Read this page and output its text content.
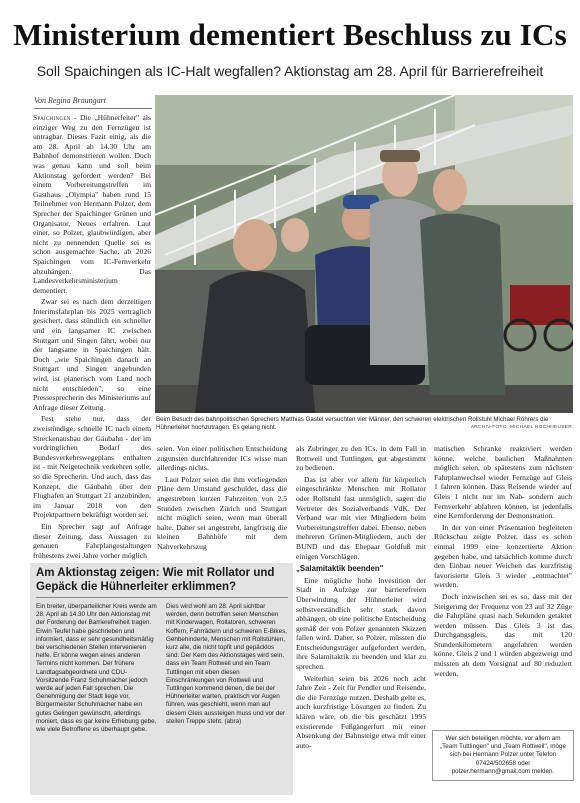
Ministerium dementiert Beschluss zu ICs
Soll Spaichingen als IC-Halt wegfallen? Aktionstag am 28. April für Barrierefreiheit
Von Regina Braungart

Spaichingen - Die „Hühnerleiter" als einziger Weg zu den Fernzügen ist untragbar. Dieses Fazit einig, als die am 28. April ab 14.30 Uhr am Bahnhof demonstrieren wollen. Doch was genau kann und soll beim Aktionstag gefordert werden? Bei einem Vorbereitungstreffen im Gasthaus „Olympia" haben rund 15 Teilnehmer von Hermann Polzer, dem Sprecher der Spaichinger Grünen und Organisator, Neues erfahren. Laut einer, so Polzer, glaubwürdigen, aber nicht zu nennenden Quelle sei es schon ausgemachte Sache, ab 2026 Spaichingen vom IC-Fernverkehr abzuhängen. Das Landesverkehrsministerium dementiert.

Zwar sei es nach dem derzeitigen Interimsfahrplan bis 2025 vertraglich gesichert, dass stündlich ein schneller und ein langsamer IC zwischen Stuttgart und Singen fährt, wobei nur der langsame in Spaichingen hält. Doch „wie Spaichingen danach an Stuttgart und Singen angebunden wird, ist planerisch vom Land noch nicht entschieden", so eine Pressesprecherin des Ministeriums auf Anfrage dieser Zeitung.

Fest stehe nur, dass der zweistündige, schnelle IC nach einem Streckenausbau der Gäubahn - der im vordringlichen Bedarf des Bundesverkehrswegeplans enthalten ist - mit Neigetechnik verkehren solle, so die Sprecherin. Und auch, dass das Konzept, die Gäubahn über den Flughafen an Stuttgart 21 anzubinden, im Januar 2018 von den Projektpartnern bekräftigt worden sei.

Ein Sprecher sagt auf Anfrage dieser Zeitung, dass Aussagen zu genauen Fahrplangestaltungen frühestens zwei Jahre vorher möglich

Beim Besuch des bahnpolitischen Sprechers Matthias Gastel versuchten vier Männer, den schweren elektrischen Rollstuhl Michael Röhrers die Hühnerleiter hochzutragen. Es gelang nicht.	ARCHIV-FOTO: MICHAEL HOCHHEUSER

seien. Von einer politischen Entscheidung zugunsten durchfahrender ICs wisse man allerdings nichts.

Laut Polzer seien die ihm vorliegenden Pläne dem Umstand geschuldet, dass die angestrebten kurzen Fahrzeiten von 2,5 Stunden zwischen Zürich und Stuttgart nicht möglich seien, wenn man überall halte. Daher sei angestrebt, langfristig die kleinen Bahnhöfe mit dem Nahverkehrszug

als Zubringer zu den ICs, in dem Fall in Rottweil und Tuttlingen, gut abgestimmt zu bedienen.

Das ist aber vor allem für körperlich eingeschränkte Menschen mit Rollator oder Rollstuhl fast unmöglich, sagen die Vertreter des Sozialverbands VdK. Der Verband war mit vier Mitgliedern beim Vorbereitungstreffen dabei. Ebenso, neben mehreren Grünen-Mitgliedern, auch der BUND und das Ehepaar Goldfuß mit einigen Vorschlägen.

„Salamitaktik beenden"

Eine mögliche hohe Investition der Stadt in Aufzüge zur barrierefreien Überwindung der Hühnerleiter wird selbstverständlich sehr stark davon abhängen, ob eine politische Entscheidung gemäß der von Polzer genannten Skizzen fallen wird. Daher, so Polzer, müssten die Entscheidungsträger aufgefordert werden, ihre Salamitaktik zu beenden und klar zu sprechen.

Weiterhin seien bis 2026 noch acht Jahre Zeit - Zeit für Pendler und Reisende, die die Fernzüge nutzen. Deshalb gelte es, auch kurzfristige Lösungen zu finden. Zu klären wäre, ob die bis geschätzt 1995 existierende Fußgängerfurt mit einer Absenkung der Bahnsteige etwa mit einer auto-

matischen Schranke reaktiviert werden könne, welche baulichen Maßnahmen möglich seien, ob spätestens zum nächsten Fahrplanwechsel wieder Fernzüge auf Gleis 1 fahren können. Dass Reisende wieder auf Gleis 1 nicht nur im Nah- sondern auch Fernverkehr abfahren können, ist jedenfalls eine Kernforderung der Demonstration.

In der von einer Präsentation begleiteten Rückschau zeigte Polzer, dass es schon einmal 1999 eine konzertierte Aktion gegeben habe, und tatsächlich komme durch den Einbau neuer Weichen das kurzfristig favorisierte Gleis 3 wieder „entmachtet" werden.

Doch inzwischen sei es so, dass mit der Steigerung der Frequenz von 23 auf 32 Züge die Fahrpläne quasi nach Sekunden getaktet werden müssen. Das Gleis 3 ist das Durchgangsgleis, das mit 120 Stundenkilometern angefahren werden könne. Gleis 2 und 1 würden abgezweigt und müssten ab dem Vorsignal auf 80 reduziert werden.

Am Aktionstag zeigen: Wie mit Rollator und Gepäck die Hühnerleiter erklimmen?
Ein breiter, überparteilicher Kreis werde am 28. April ab 14.30 Uhr den Aktionstag mit der Forderung der Barrierefreiheit tragen. Erwin Teufel habe geschrieben und informiert, dass er sehr gesundheitsmäßig bei verschiedenen Stellen intervenieren helfe. Er könne wegen eines anderen Termins nicht kommen. Der frühere Landtagsabgeordnete und CDU-Vorsitzende Franz Schuhmacher jedoch werde auf jeden Fall sprechen. Die Genehmigung der Stadt liege vor, Bürgermeister Schuhmacher habe ein gutes Gelingen gewünscht, allerdings moniert, dass es gar keine Erhebung gebe, wie viele Betroffene es überhaupt gebe.
Dies wird wohl am 28. April sichtbar werden, denn betroffen seien Menschen mit Kinderwagen, Rollatoren, schweren Koffern, Fahrrädern und schweren E-Bikes, Gehbehinderte, Menschen mit Rollstühlen, kurz alle, die nicht topfit und gepäcklos sind. Der Kern des Aktionstages wird sein, dass ein Team Rottweil und ein Team Tuttlingen mit eben diesen Einschränkungen von Rottweil und Tuttlingen kommend denen, die bei der Hühnerleiter warten, praktisch vor Augen führen, was geschieht, wenn man auf diesem Gleis aussteigen muss und vor der steilen Treppe steht. (abra)
Wer sich beteiligen möchte, vor allem am „Team Tuttlingen" und „Team Rottweil", möge sich bei Hermann Polzer unter Telefon 07424/502658 oder polzer.hermann@gmail.com melden.
